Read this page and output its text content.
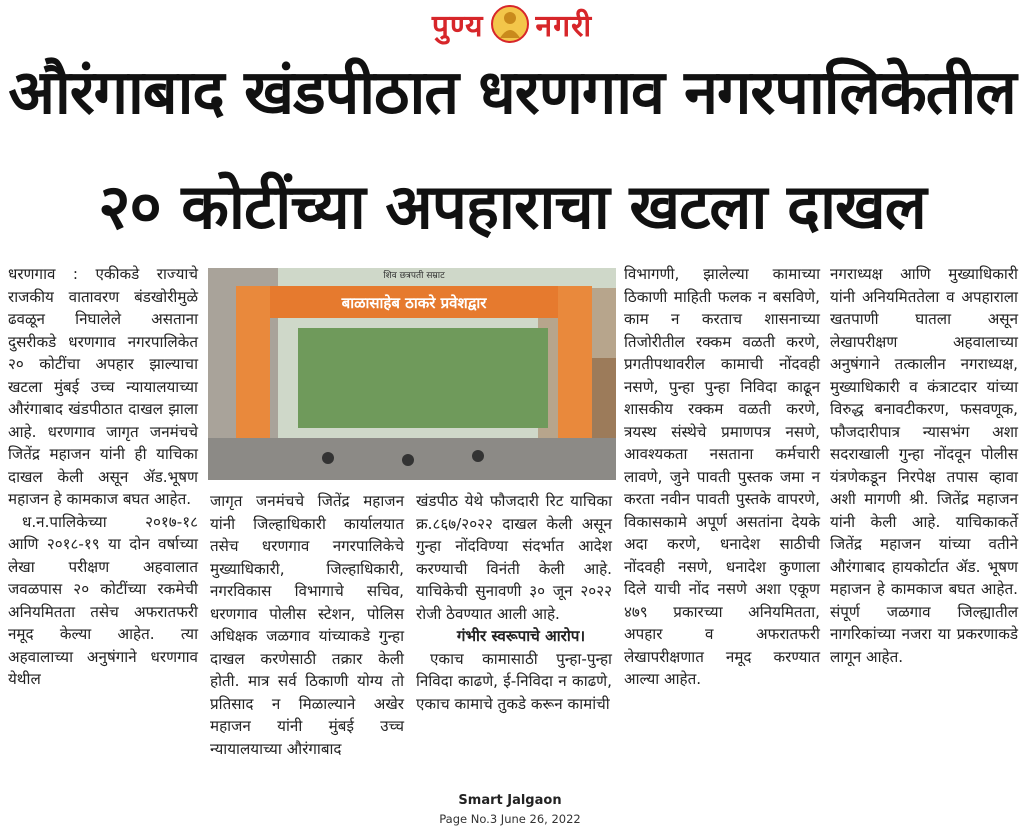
पुण्य नगरी
औरंगाबाद खंडपीठात धरणगाव नगरपालिकेतील
२० कोटींच्या अपहाराचा खटला दाखल

धरणगाव : एकीकडे राज्याचे राजकीय वातावरण बंडखोरीमुळे ढवळून निघालेले असताना दुसरीकडे धरणगाव नगरपालिकेत २० कोटींचा अपहार झाल्याचा खटला मुंबई उच्च न्यायालयाच्या औरंगाबाद खंडपीठात दाखल झाला आहे. धरणगाव जागृत जनमंचचे जितेंद्र महाजन यांनी ही याचिका दाखल केली असून ॲड.भूषण महाजन हे कामकाज बघत आहेत.

ध.न.पालिकेच्या २०१७-१८ आणि २०१८-१९ या दोन वर्षाच्या लेखा परीक्षण अहवालात जवळपास २० कोटींच्या रकमेची अनियमितता तसेच अफरातफरी नमूद केल्या आहेत. त्या अहवालाच्या अनुषंगाने धरणगाव येथील

शिव छत्रपती सम्राट
बाळासाहेब ठाकरे प्रवेशद्वार

जागृत जनमंचचे जितेंद्र महाजन यांनी जिल्हाधिकारी कार्यालयात तसेच धरणगाव नगरपालिकेचे मुख्याधिकारी, जिल्हाधिकारी, नगरविकास विभागाचे सचिव, धरणगाव पोलीस स्टेशन, पोलिस अधिक्षक जळगाव यांच्याकडे गुन्हा दाखल करणेसाठी तक्रार केली होती. मात्र सर्व ठिकाणी योग्य तो प्रतिसाद न मिळाल्याने अखेर महाजन यांनी मुंबई उच्च न्यायालयाच्या औरंगाबाद

खंडपीठ येथे फौजदारी रिट याचिका क्र.८६७/२०२२ दाखल केली असून गुन्हा नोंदविण्या संदर्भात आदेश करण्याची विनंती केली आहे. याचिकेची सुनावणी ३० जून २०२२ रोजी ठेवण्यात आली आहे.

गंभीर स्वरूपाचे आरोप।

एकाच कामासाठी पुन्हा-पुन्हा निविदा काढणे, ई-निविदा न काढणे, एकाच कामाचे तुकडे करून कामांची

विभागणी, झालेल्या कामाच्या ठिकाणी माहिती फलक न बसविणे, काम न करताच शासनाच्या तिजोरीतील रक्कम वळती करणे, प्रगतीपथावरील कामाची नोंदवही नसणे, पुन्हा पुन्हा निविदा काढून शासकीय रक्कम वळती करणे, त्रयस्थ संस्थेचे प्रमाणपत्र नसणे, आवश्यकता नसताना कर्मचारी लावणे, जुने पावती पुस्तक जमा न करता नवीन पावती पुस्तके वापरणे, विकासकामे अपूर्ण असतांना देयके अदा करणे, धनादेश साठीची नोंदवही नसणे, धनादेश कुणाला दिले याची नोंद नसणे अशा एकूण ४७९ प्रकारच्या अनियमितता, अपहार व अफरातफरी लेखापरीक्षणात नमूद करण्यात आल्या आहेत.

नगराध्यक्ष आणि मुख्याधिकारी यांनी अनियमिततेला व अपहाराला खतपाणी घातला असून लेखापरीक्षण अहवालाच्या अनुषंगाने तत्कालीन नगराध्यक्ष, मुख्याधिकारी व कंत्राटदार यांच्या विरुद्ध बनावटीकरण, फसवणूक, फौजदारीपात्र न्यासभंग अशा सदराखाली गुन्हा नोंदवून पोलीस यंत्रणेकडून निरपेक्ष तपास व्हावा अशी मागणी श्री. जितेंद्र महाजन यांनी केली आहे. याचिकाकर्ते जितेंद्र महाजन यांच्या वतीने औरंगाबाद हायकोर्टात ॲड. भूषण महाजन हे कामकाज बघत आहेत. संपूर्ण जळगाव जिल्ह्यातील नागरिकांच्या नजरा या प्रकरणाकडे लागून आहेत.

Smart Jalgaon
Page No.3 June 26, 2022
